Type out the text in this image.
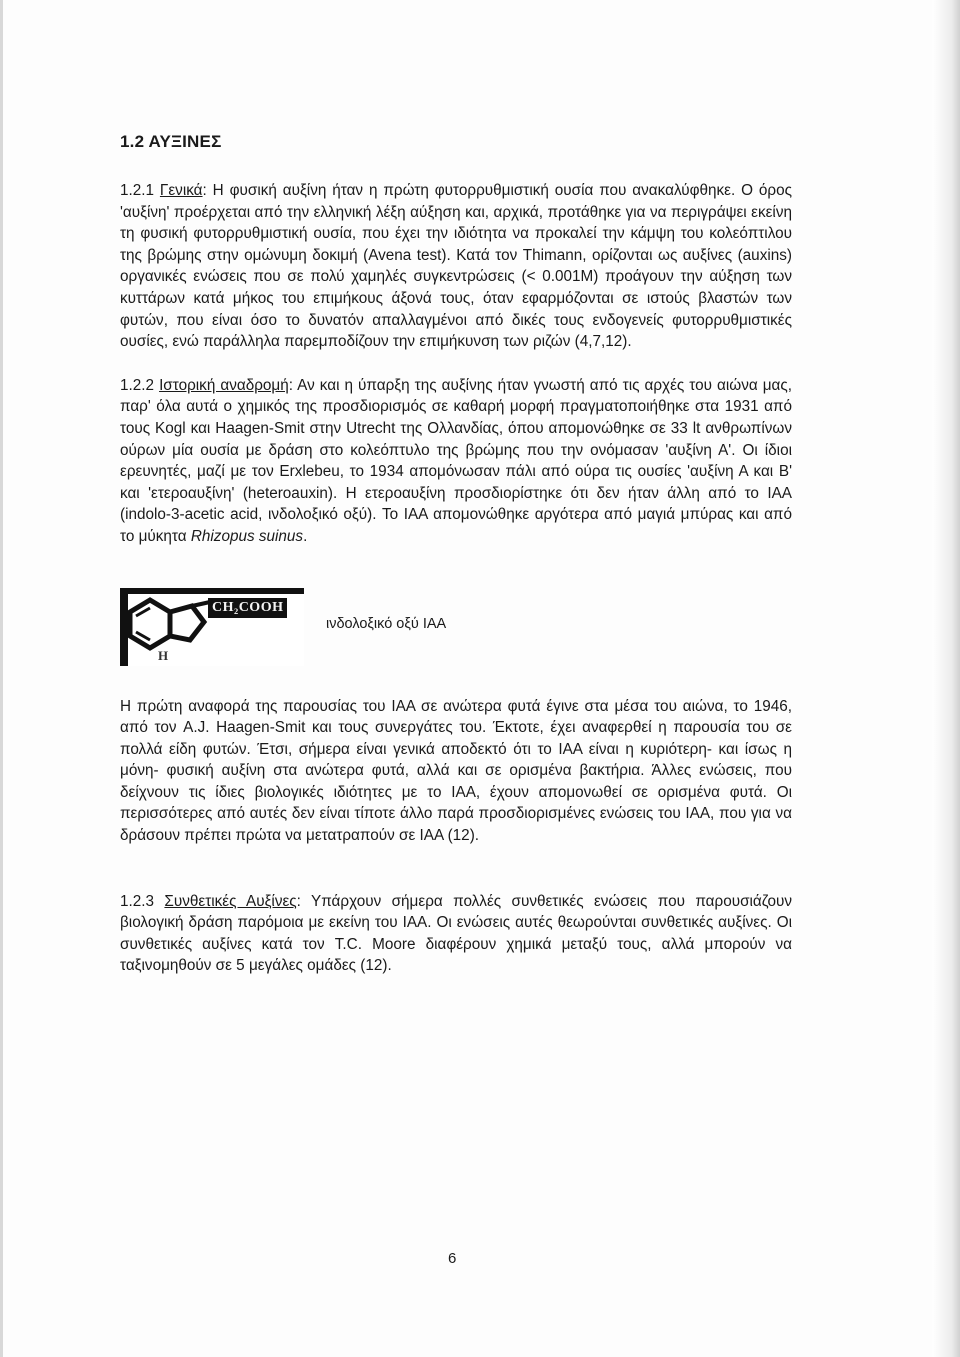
1.2 ΑΥΞΙΝΕΣ

1.2.1 Γενικά: Η φυσική αυξίνη ήταν η πρώτη φυτορρυθμιστική ουσία που ανακαλύφθηκε. Ο όρος 'αυξίνη' προέρχεται από την ελληνική λέξη αύξηση και, αρχικά, προτάθηκε για να περιγράψει εκείνη τη φυσική φυτορρυθμιστική ουσία, που έχει την ιδιότητα να προκαλεί την κάμψη του κολεόπτιλου της βρώμης στην ομώνυμη δοκιμή (Avena test). Κατά τον Thimann, ορίζονται ως αυξίνες (auxins) οργανικές ενώσεις που σε πολύ χαμηλές συγκεντρώσεις (< 0.001M) προάγουν την αύξηση των κυττάρων κατά μήκος του επιμήκους άξονά τους, όταν εφαρμόζονται σε ιστούς βλαστών των φυτών, που είναι όσο το δυνατόν απαλλαγμένοι από δικές τους ενδογενείς φυτορρυθμιστικές ουσίες, ενώ παράλληλα παρεμποδίζουν την επιμήκυνση των ριζών (4,7,12).

1.2.2 Ιστορική αναδρομή: Αν και η ύπαρξη της αυξίνης ήταν γνωστή από τις αρχές του αιώνα μας, παρ' όλα αυτά ο χημικός της προσδιορισμός σε καθαρή μορφή πραγματοποιήθηκε στα 1931 από τους Kogl και Haagen-Smit στην Utrecht της Ολλανδίας, όπου απομονώθηκε σε 33 lt ανθρωπίνων ούρων μία ουσία με δράση στο κολεόπτυλο της βρώμης που την ονόμασαν 'αυξίνη Α'. Οι ίδιοι ερευνητές, μαζί με τον Erxlebeu, το 1934 απομόνωσαν πάλι από ούρα τις ουσίες 'αυξίνη Α και Β' και 'ετεροαυξίνη' (heteroauxin). Η ετεροαυξίνη προσδιορίστηκε ότι δεν ήταν άλλη από το IAA (indolo-3-acetic acid, ινδολοξικό οξύ). Το IAA απομονώθηκε αργότερα από μαγιά μπύρας και από το μύκητα Rhizopus suinus.

CH₂COOH
H
ινδολοξικό οξύ IAA

Η πρώτη αναφορά της παρουσίας του IAA σε ανώτερα φυτά έγινε στα μέσα του αιώνα, το 1946, από τον A.J. Haagen-Smit και τους συνεργάτες του. Έκτοτε, έχει αναφερθεί η παρουσία του σε πολλά είδη φυτών. Έτσι, σήμερα είναι γενικά αποδεκτό ότι το IAA είναι η κυριότερη- και ίσως η μόνη- φυσική αυξίνη στα ανώτερα φυτά, αλλά και σε ορισμένα βακτήρια. Άλλες ενώσεις, που δείχνουν τις ίδιες βιολογικές ιδιότητες με το IAA, έχουν απομονωθεί σε ορισμένα φυτά. Οι περισσότερες από αυτές δεν είναι τίποτε άλλο παρά προσδιορισμένες ενώσεις του IAA, που για να δράσουν πρέπει πρώτα να μετατραπούν σε IAA (12).

1.2.3 Συνθετικές Αυξίνες: Υπάρχουν σήμερα πολλές συνθετικές ενώσεις που παρουσιάζουν βιολογική δράση παρόμοια με εκείνη του IAA. Οι ενώσεις αυτές θεωρούνται συνθετικές αυξίνες. Οι συνθετικές αυξίνες κατά τον T.C. Moore διαφέρουν χημικά μεταξύ τους, αλλά μπορούν να ταξινομηθούν σε 5 μεγάλες ομάδες (12).

6
